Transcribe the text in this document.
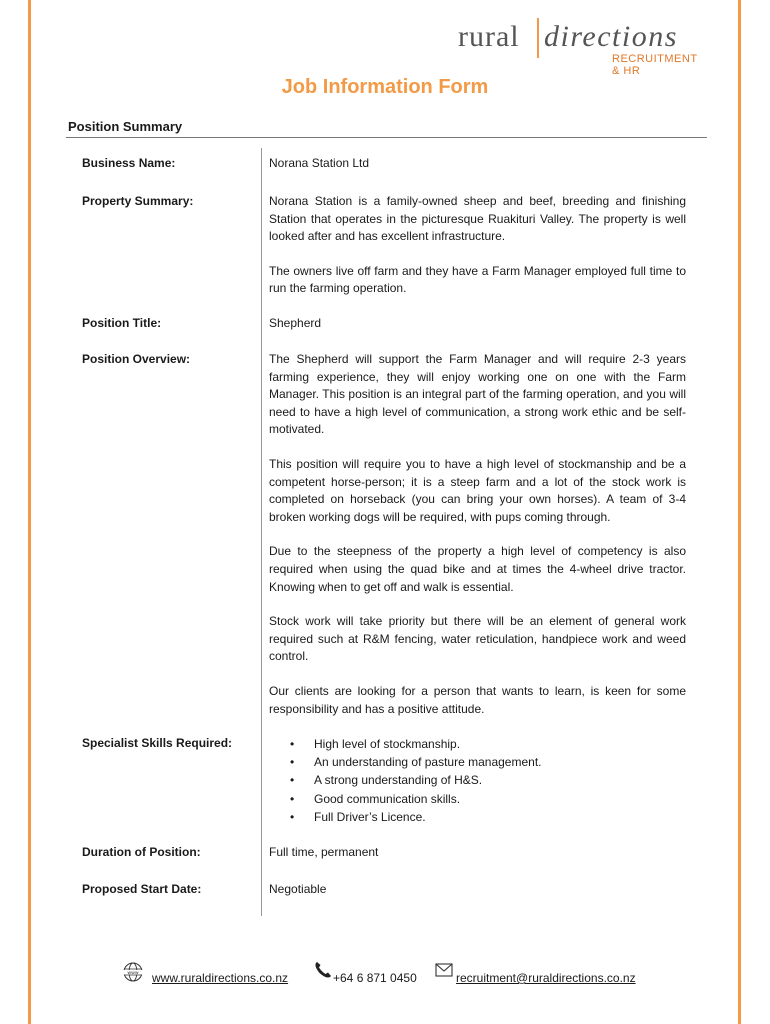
rural directions
RECRUITMENT & HR
Job Information Form
Position Summary
Business Name:	Norana Station Ltd
Property Summary:	Norana Station is a family-owned sheep and beef, breeding and finishing Station that operates in the picturesque Ruakituri Valley. The property is well looked after and has excellent infrastructure.

The owners live off farm and they have a Farm Manager employed full time to run the farming operation.

Position Title:	Shepherd
Position Overview:	The Shepherd will support the Farm Manager and will require 2-3 years farming experience, they will enjoy working one on one with the Farm Manager. This position is an integral part of the farming operation, and you will need to have a high level of communication, a strong work ethic and be self-motivated.

This position will require you to have a high level of stockmanship and be a competent horse-person; it is a steep farm and a lot of the stock work is completed on horseback (you can bring your own horses). A team of 3-4 broken working dogs will be required, with pups coming through.

Due to the steepness of the property a high level of competency is also required when using the quad bike and at times the 4-wheel drive tractor. Knowing when to get off and walk is essential.

Stock work will take priority but there will be an element of general work required such at R&M fencing, water reticulation, handpiece work and weed control.

Our clients are looking for a person that wants to learn, is keen for some responsibility and has a positive attitude.

Specialist Skills Required:	• High level of stockmanship.
• An understanding of pasture management.
• A strong understanding of H&S.
• Good communication skills.
• Full Driver’s Licence.
Duration of Position:	Full time, permanent
Proposed Start Date:	Negotiable
www www.ruraldirections.co.nz	+64 6 871 0450	recruitment@ruraldirections.co.nz
